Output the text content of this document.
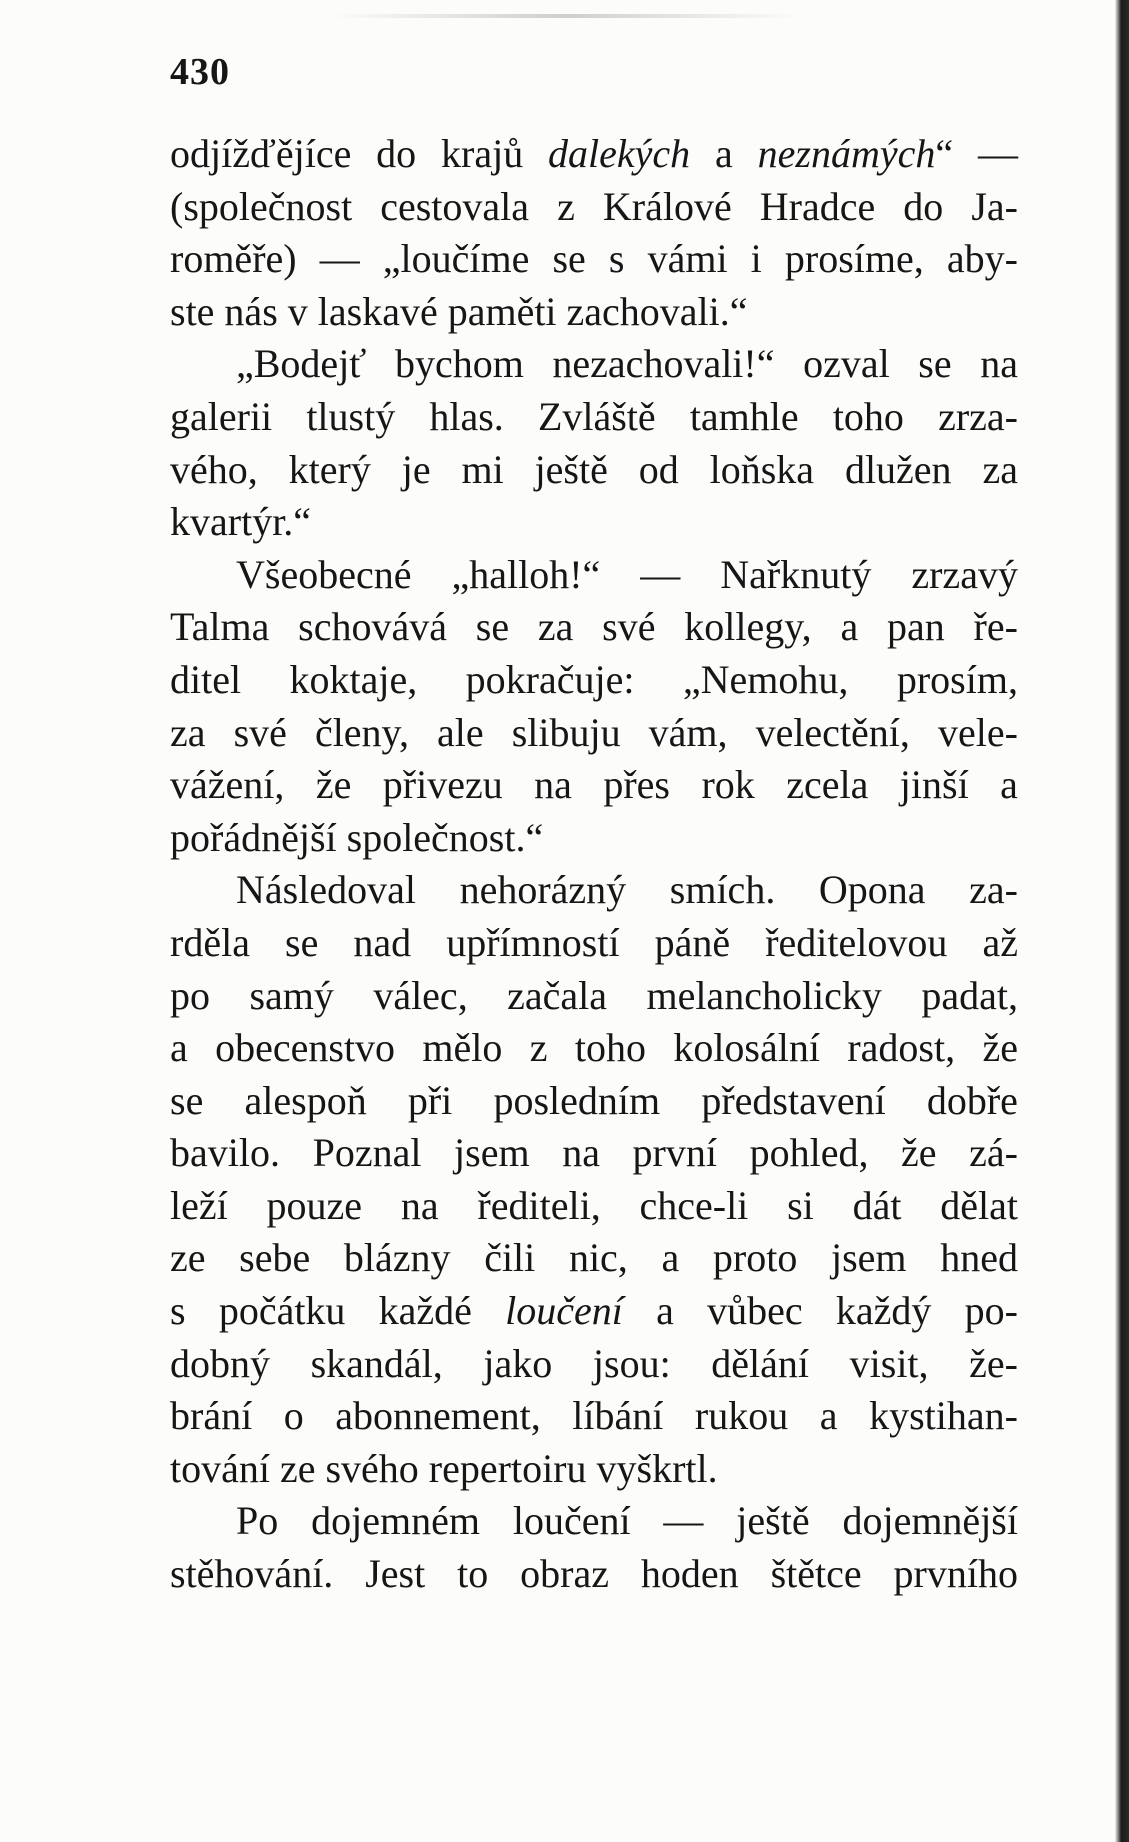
430
odjížďějíce do krajů dalekých a neznámých“ —
(společnost cestovala z Králové Hradce do Ja-
roměře) — „loučíme se s vámi i prosíme, aby-
ste nás v laskavé paměti zachovali.“
„Bodejť bychom nezachovali!“ ozval se na
galerii tlustý hlas. Zvláště tamhle toho zrza-
vého, který je mi ještě od loňska dlužen za
kvartýr.“
Všeobecné „halloh!“ — Nařknutý zrzavý
Talma schovává se za své kollegy, a pan ře-
ditel koktaje, pokračuje: „Nemohu, prosím,
za své členy, ale slibuju vám, velectění, vele-
vážení, že přivezu na přes rok zcela jinší a
pořádnější společnost.“
Následoval nehorázný smích. Opona za-
rděla se nad upřímností páně ředitelovou až
po samý válec, začala melancholicky padat,
a obecenstvo mělo z toho kolosální radost, že
se alespoň při posledním představení dobře
bavilo. Poznal jsem na první pohled, že zá-
leží pouze na řediteli, chce-li si dát dělat
ze sebe blázny čili nic, a proto jsem hned
s počátku každé loučení a vůbec každý po-
dobný skandál, jako jsou: dělání visit, že-
brání o abonnement, líbání rukou a kystihan-
tování ze svého repertoiru vyškrtl.
Po dojemném loučení — ještě dojemnější
stěhování. Jest to obraz hoden štětce prvního
